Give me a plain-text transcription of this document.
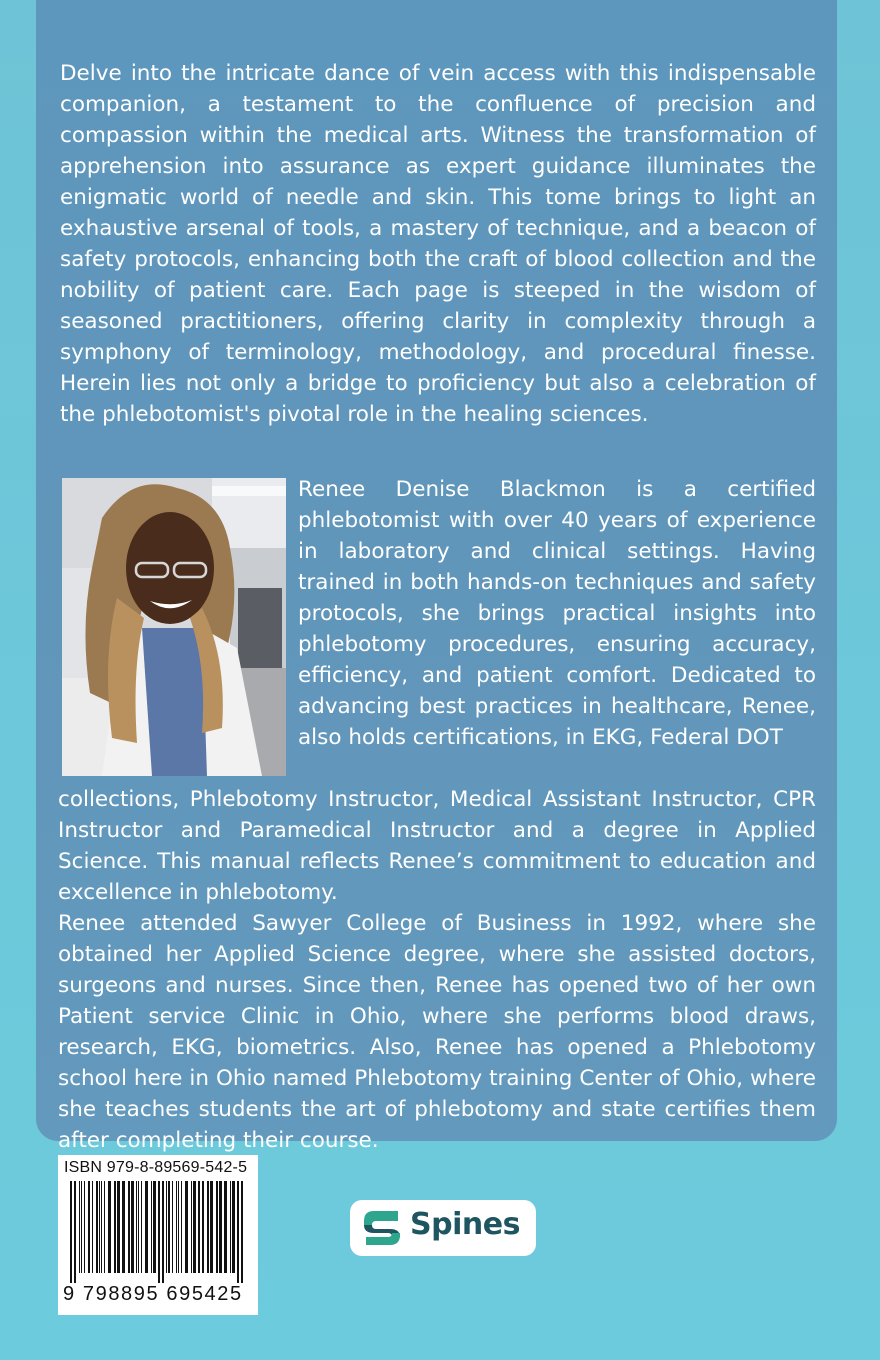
Delve into the intricate dance of vein access with this indispensable companion, a testament to the confluence of precision and compassion within the medical arts. Witness the transformation of apprehension into assurance as expert guidance illuminates the enigmatic world of needle and skin. This tome brings to light an exhaustive arsenal of tools, a mastery of technique, and a beacon of safety protocols, enhancing both the craft of blood collection and the nobility of patient care. Each page is steeped in the wisdom of seasoned practitioners, offering clarity in complexity through a symphony of terminology, methodology, and procedural finesse. Herein lies not only a bridge to proficiency but also a celebration of the phlebotomist's pivotal role in the healing sciences.

Renee Denise Blackmon is a certified phlebotomist with over 40 years of experience in laboratory and clinical settings. Having trained in both hands-on techniques and safety protocols, she brings practical insights into phlebotomy procedures, ensuring accuracy, efficiency, and patient comfort. Dedicated to advancing best practices in healthcare, Renee, also holds certifications, in EKG, Federal DOT

collections, Phlebotomy Instructor, Medical Assistant Instructor, CPR Instructor and Paramedical Instructor and a degree in Applied Science. This manual reflects Renee’s commitment to education and excellence in phlebotomy.

Renee attended Sawyer College of Business in 1992, where she obtained her Applied Science degree, where she assisted doctors, surgeons and nurses. Since then, Renee has opened two of her own Patient service Clinic in Ohio, where she performs blood draws, research, EKG, biometrics. Also, Renee has opened a Phlebotomy school here in Ohio named Phlebotomy training Center of Ohio, where she teaches students the art of phlebotomy and state certifies them after completing their course.

ISBN 979-8-89569-542-5
9 798895 695425
Spines
